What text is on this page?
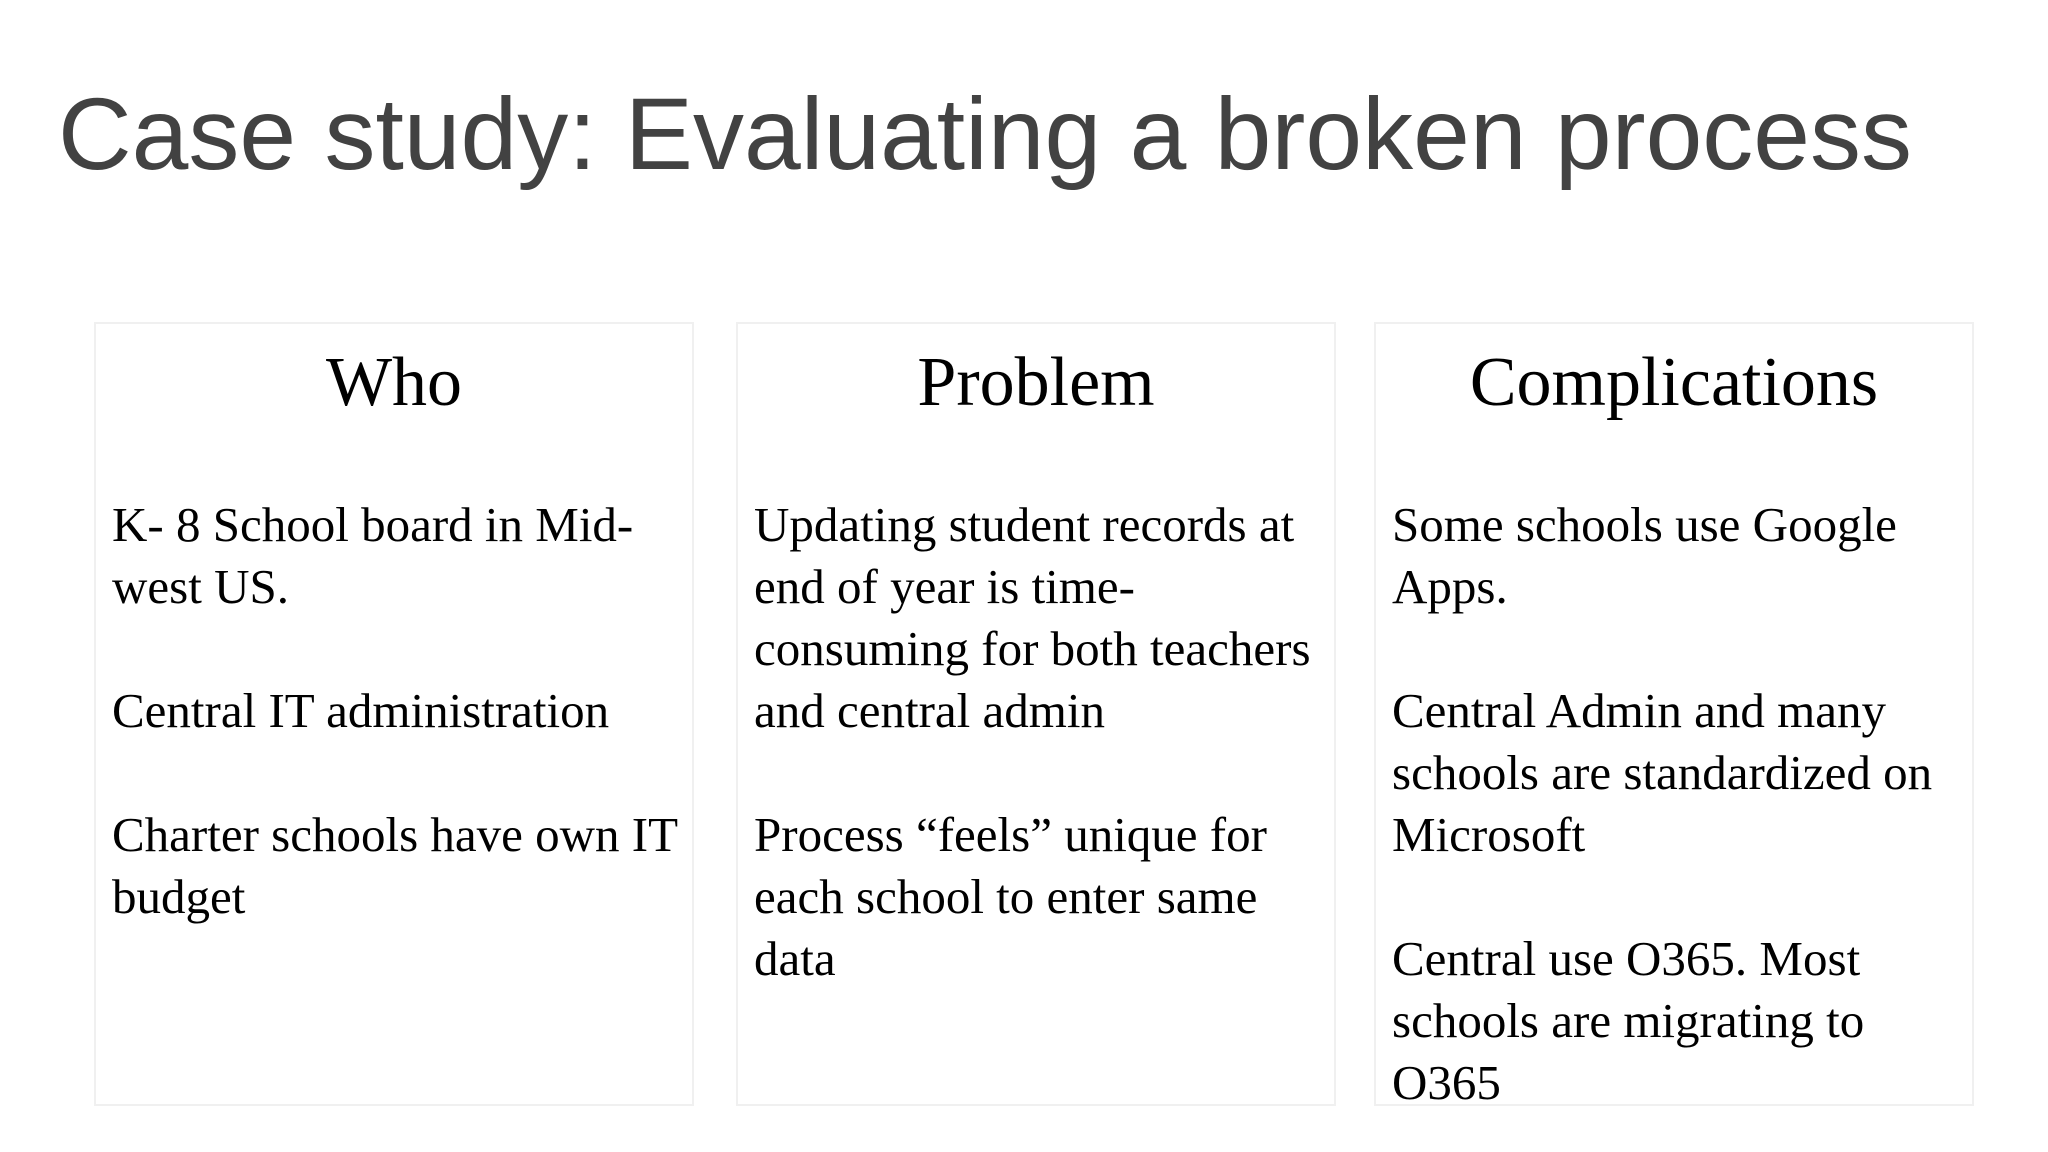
Case study: Evaluating a broken process
Who

K- 8 School board in Mid-west US.

Central IT administration

Charter schools have own IT budget

Problem

Updating student records at end of year is time-consuming for both teachers and central admin

Process “feels” unique for each school to enter same data

Complications

Some schools use Google Apps.

Central Admin and many schools are standardized on Microsoft

Central use O365. Most schools are migrating to O365
